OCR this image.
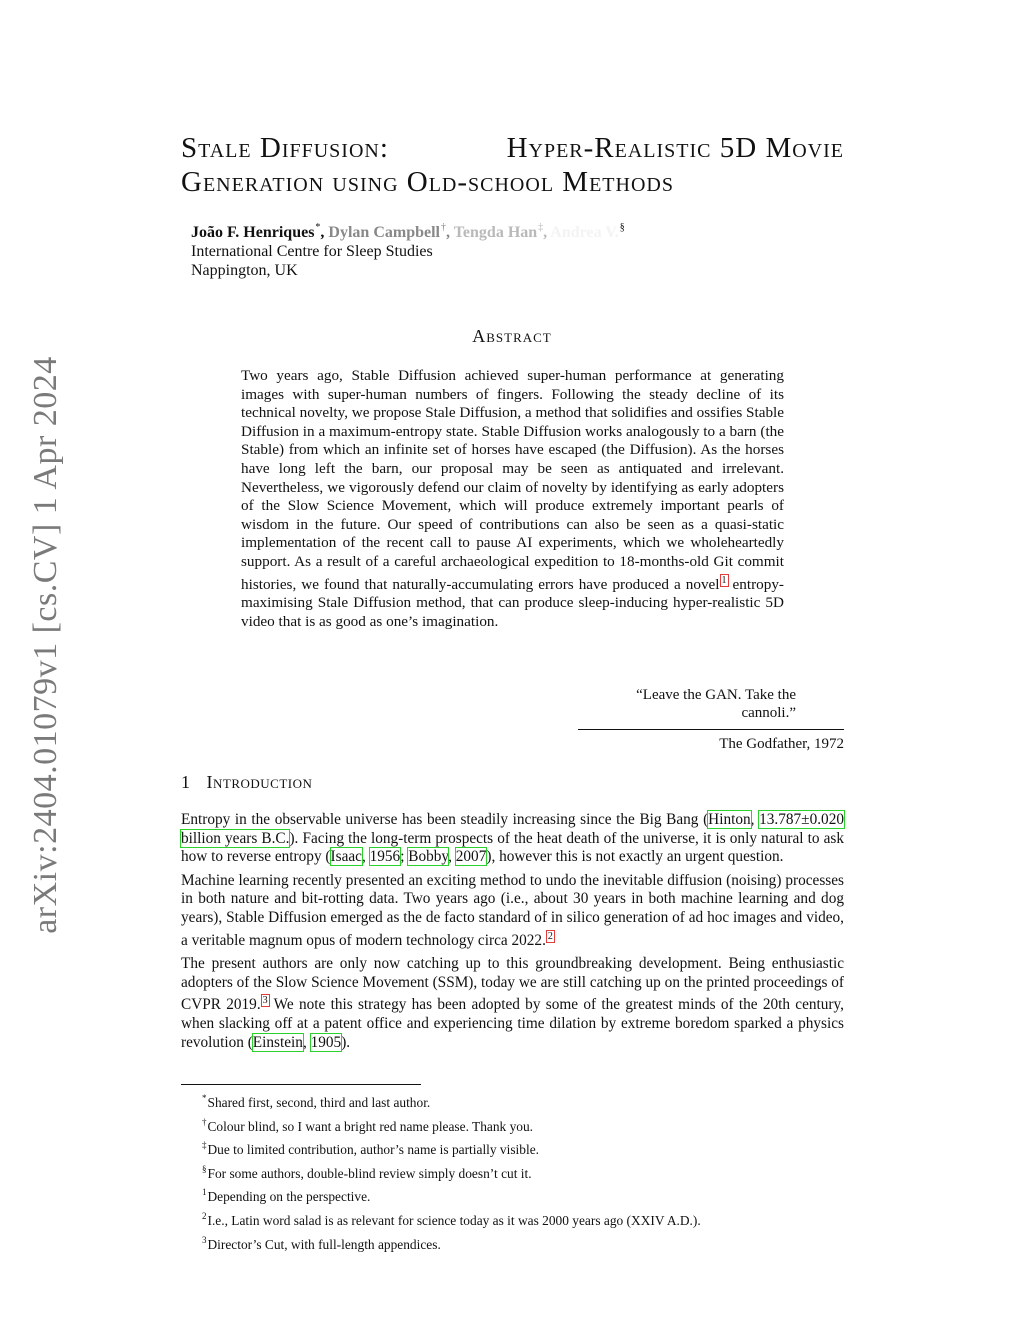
arXiv:2404.01079v1 [cs.CV] 1 Apr 2024
Stale Diffusion:	Hyper-Realistic 5D Movie
Generation using Old-school Methods
João F. Henriques*, Dylan Campbell†, Tengda Han‡, Andrea V.§
International Centre for Sleep Studies
Nappington, UK
Abstract
Two years ago, Stable Diffusion achieved super-human performance at generating images with super-human numbers of fingers. Following the steady decline of its technical novelty, we propose Stale Diffusion, a method that solidifies and ossifies Stable Diffusion in a maximum-entropy state. Stable Diffusion works analogously to a barn (the Stable) from which an infinite set of horses have escaped (the Diffusion). As the horses have long left the barn, our proposal may be seen as antiquated and irrelevant. Nevertheless, we vigorously defend our claim of novelty by identifying as early adopters of the Slow Science Movement, which will produce extremely important pearls of wisdom in the future. Our speed of contributions can also be seen as a quasi-static implementation of the recent call to pause AI experiments, which we wholeheartedly support. As a result of a careful archaeological expedition to 18-months-old Git commit histories, we found that naturally-accumulating errors have produced a novel $^1$ entropy-maximising Stale Diffusion method, that can produce sleep-inducing hyper-realistic 5D video that is as good as one’s imagination.
“Leave the GAN. Take the cannoli.”
The Godfather, 1972
1 Introduction

Entropy in the observable universe has been steadily increasing since the Big Bang (Hinton, 13.787±0.020 billion years B.C.). Facing the long-term prospects of the heat death of the universe, it is only natural to ask how to reverse entropy (Isaac, 1956; Bobby, 2007), however this is not exactly an urgent question.

Machine learning recently presented an exciting method to undo the inevitable diffusion (noising) processes in both nature and bit-rotting data. Two years ago (i.e., about 30 years in both machine learning and dog years), Stable Diffusion emerged as the de facto standard of in silico generation of ad hoc images and video, a veritable magnum opus of modern technology circa 2022. $^2$

The present authors are only now catching up to this groundbreaking development. Being enthusiastic adopters of the Slow Science Movement (SSM), today we are still catching up on the printed proceedings of CVPR 2019. $^3$ We note this strategy has been adopted by some of the greatest minds of the 20th century, when slacking off at a patent office and experiencing time dilation by extreme boredom sparked a physics revolution (Einstein, 1905).

*Shared first, second, third and last author.
†Colour blind, so I want a bright red name please. Thank you.
‡Due to limited contribution, author’s name is partially visible.
§For some authors, double-blind review simply doesn’t cut it.
$^1$Depending on the perspective.
$^2$I.e., Latin word salad is as relevant for science today as it was 2000 years ago (XXIV A.D.).
$^3$Director’s Cut, with full-length appendices.
